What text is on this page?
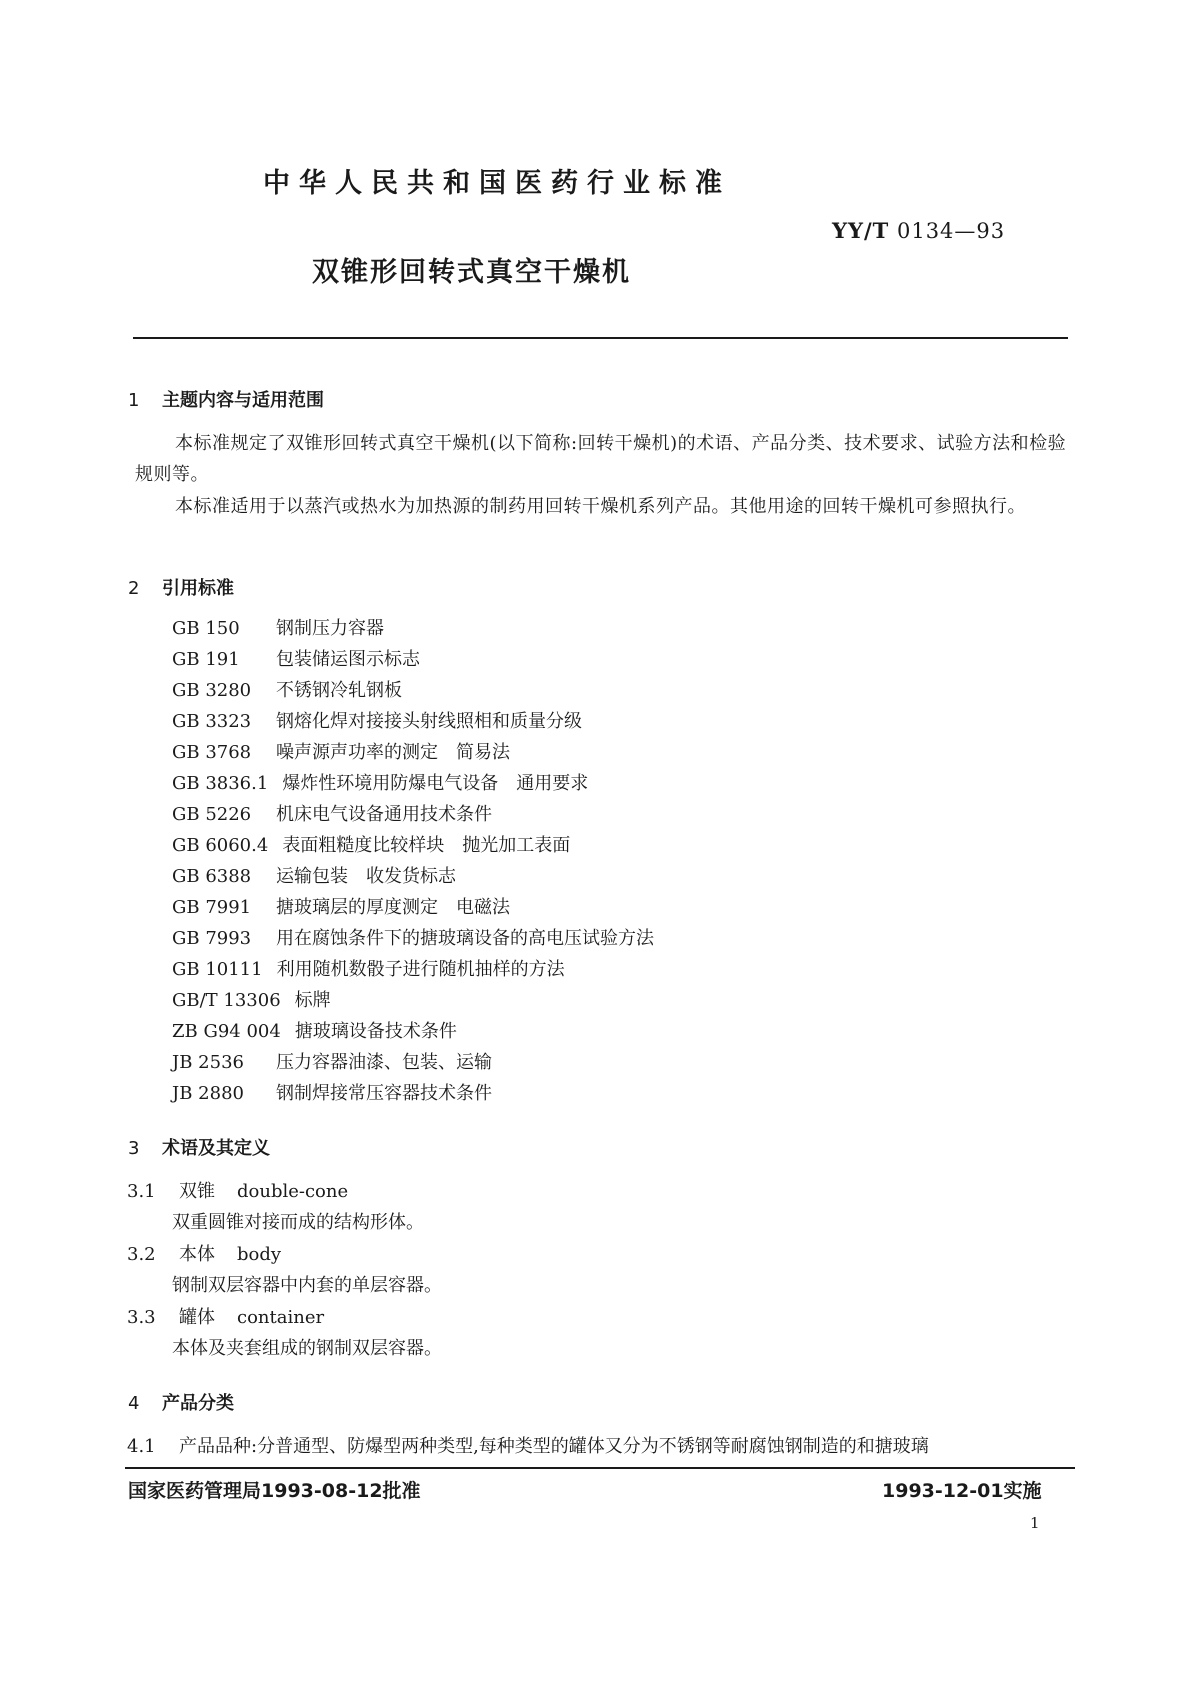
中华人民共和国医药行业标准
YY/T 0134—93
双锥形回转式真空干燥机
1 主题内容与适用范围
本标准规定了双锥形回转式真空干燥机(以下简称:回转干燥机)的术语、产品分类、技术要求、试验方法和检验规则等。
本标准适用于以蒸汽或热水为加热源的制药用回转干燥机系列产品。其他用途的回转干燥机可参照执行。
2 引用标准
GB 150 钢制压力容器
GB 191 包装储运图示标志
GB 3280 不锈钢冷轧钢板
GB 3323 钢熔化焊对接接头射线照相和质量分级
GB 3768 噪声源声功率的测定　简易法
GB 3836.1 爆炸性环境用防爆电气设备　通用要求
GB 5226 机床电气设备通用技术条件
GB 6060.4 表面粗糙度比较样块　抛光加工表面
GB 6388 运输包装　收发货标志
GB 7991 搪玻璃层的厚度测定　电磁法
GB 7993 用在腐蚀条件下的搪玻璃设备的高电压试验方法
GB 10111 利用随机数骰子进行随机抽样的方法
GB/T 13306 标牌
ZB G94 004 搪玻璃设备技术条件
JB 2536 压力容器油漆、包装、运输
JB 2880 钢制焊接常压容器技术条件
3 术语及其定义
3.1 双锥 double-cone
双重圆锥对接而成的结构形体。
3.2 本体 body
钢制双层容器中内套的单层容器。
3.3 罐体 container
本体及夹套组成的钢制双层容器。
4 产品分类
4.1 产品品种:分普通型、防爆型两种类型,每种类型的罐体又分为不锈钢等耐腐蚀钢制造的和搪玻璃
国家医药管理局1993-08-12批准	1993-12-01实施
1
